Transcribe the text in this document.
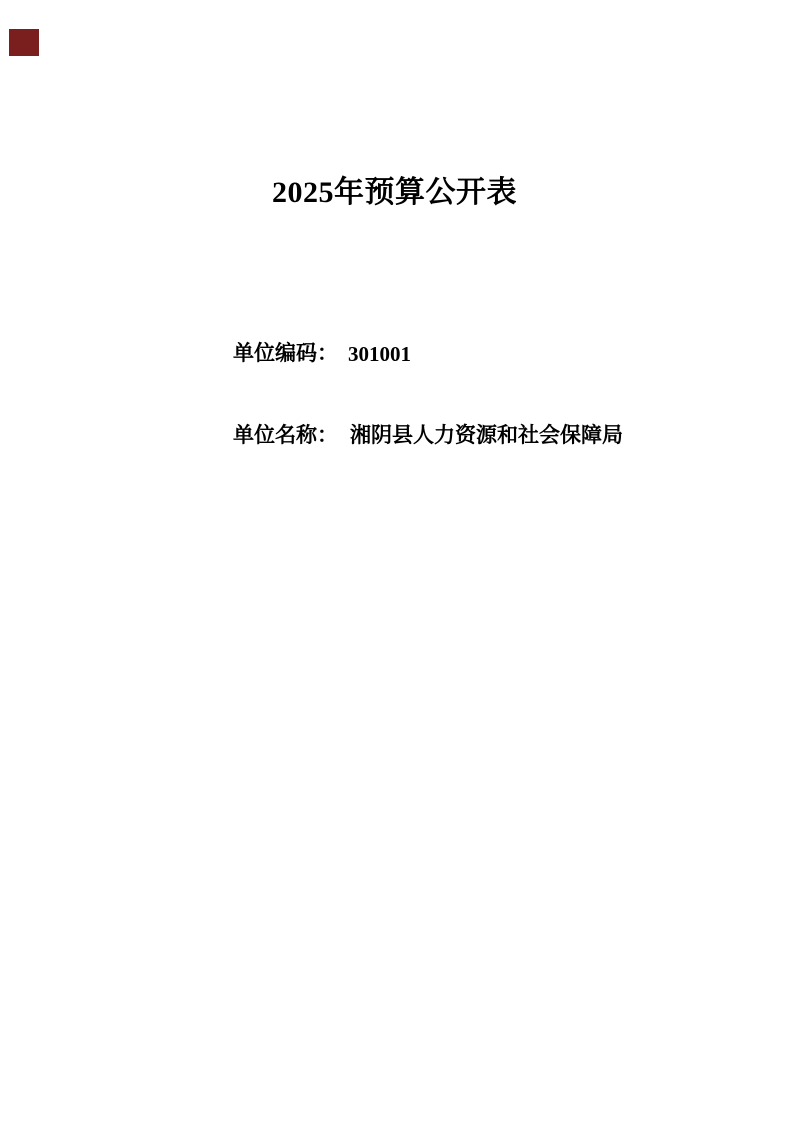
2025年预算公开表
单位编码： 301001
单位名称： 湘阴县人力资源和社会保障局
